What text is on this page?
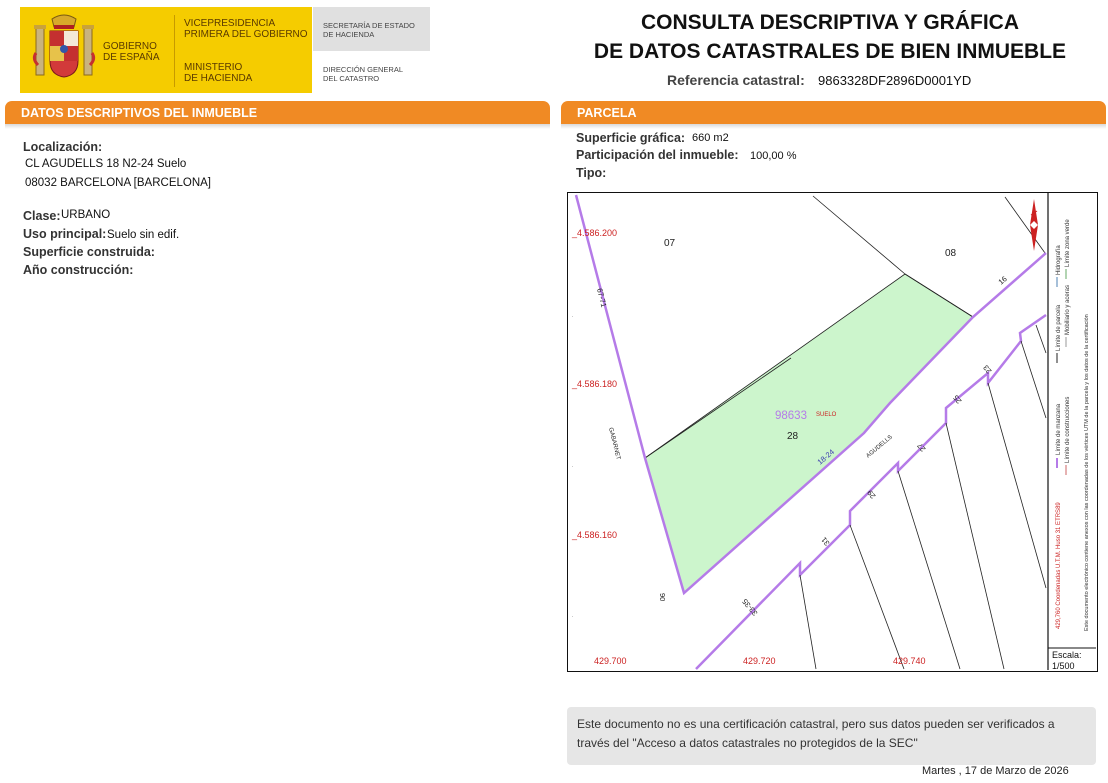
GOBIERNO
DE ESPAÑA
VICEPRESIDENCIA
PRIMERA DEL GOBIERNO
MINISTERIO
DE HACIENDA
SECRETARÍA DE ESTADO
DE HACIENDA
DIRECCIÓN GENERAL
DEL CATASTRO
CONSULTA DESCRIPTIVA Y GRÁFICA
DE DATOS CATASTRALES DE BIEN INMUEBLE
Referencia catastral: 9863328DF2896D0001YD
DATOS DESCRIPTIVOS DEL INMUEBLE
Localización:
CL AGUDELLS 18 N2-24 Suelo
08032 BARCELONA [BARCELONA]
Clase: URBANO
Uso principal: Suelo sin edif.
Superficie construida:
Año construcción:
PARCELA
Superficie gráfica: 660 m2
Participación del inmueble: 100,00 %
Tipo:
_4.586.200
_4.586.180
_4.586.160
429.700	429.720	429.740
.
.
.
07
08
28
98633 SUELO
GABARNET	AGUDELLS
67-71
16
18-24
23
25
27
29
31
33-35
90
Límite de manzana
Límite de parcela
Hidrografía
Límite de construcciones
Mobiliario y aceras
Límite zona verde
429,760 Coordenadas U.T.M. Huso 31 ETRS89	Este documento electrónico contiene anexos con las coordenadas de los vértices UTM de la parcela y los datos de la certificación
Escala:
1/500
Este documento no es una certificación catastral, pero sus datos pueden ser verificados a través del "Acceso a datos catastrales no protegidos de la SEC"
Martes , 17 de Marzo de 2026
